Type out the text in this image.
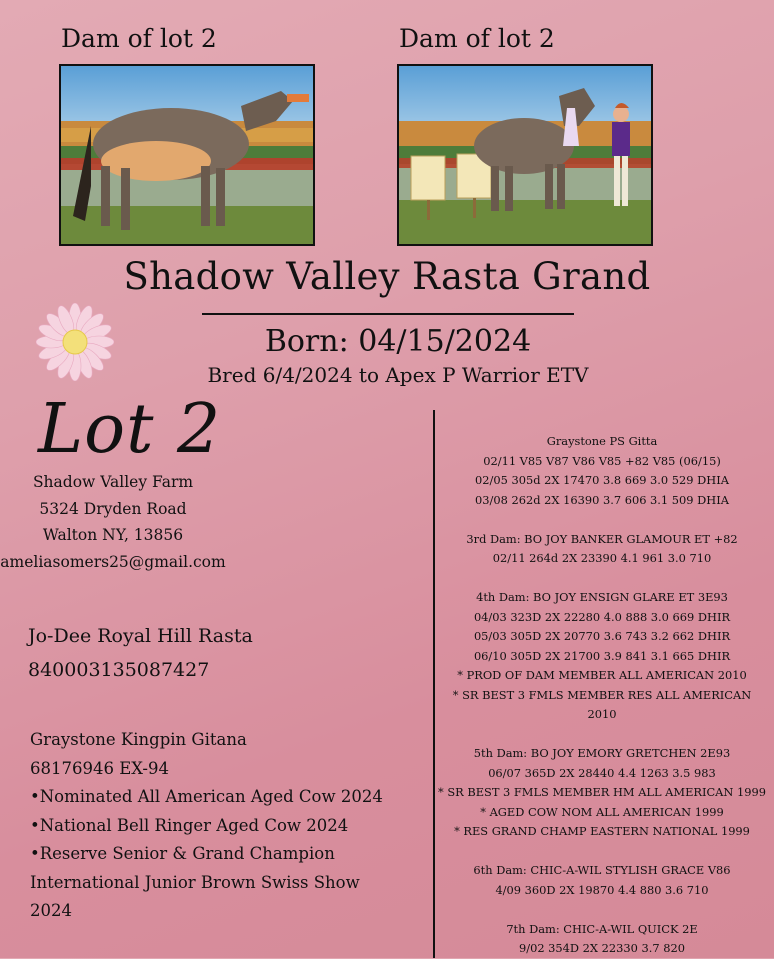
Dam of lot 2	Dam of lot 2
Shadow Valley Rasta Grand
Born: 04/15/2024
Bred 6/4/2024 to Apex P Warrior ETV
Lot 2
Shadow Valley Farm
5324 Dryden Road
Walton NY, 13856
ameliasomers25@gmail.com
Jo-Dee Royal Hill Rasta
840003135087427
Graystone Kingpin Gitana
68176946 EX-94
•Nominated All American Aged Cow 2024
•National Bell Ringer Aged Cow 2024
•Reserve Senior & Grand Champion
International Junior Brown Swiss Show
2024
Graystone PS Gitta
02/11 V85 V87 V86 V85 +82 V85 (06/15)
02/05 305d 2X 17470 3.8 669 3.0 529 DHIA
03/08 262d 2X 16390 3.7 606 3.1 509 DHIA
3rd Dam: BO JOY BANKER GLAMOUR ET +82
02/11 264d 2X 23390 4.1 961 3.0 710
4th Dam: BO JOY ENSIGN GLARE ET 3E93
04/03 323D 2X 22280 4.0 888 3.0 669 DHIR
05/03 305D 2X 20770 3.6 743 3.2 662 DHIR
06/10 305D 2X 21700 3.9 841 3.1 665 DHIR
* PROD OF DAM MEMBER ALL AMERICAN 2010
* SR BEST 3 FMLS MEMBER RES ALL AMERICAN 2010
5th Dam: BO JOY EMORY GRETCHEN 2E93
06/07 365D 2X 28440 4.4 1263 3.5 983
* SR BEST 3 FMLS MEMBER HM ALL AMERICAN 1999
* AGED COW NOM ALL AMERICAN 1999
* RES GRAND CHAMP EASTERN NATIONAL 1999
6th Dam: CHIC-A-WIL STYLISH GRACE V86
4/09 360D 2X 19870 4.4 880 3.6 710
7th Dam: CHIC-A-WIL QUICK 2E
9/02 354D 2X 22330 3.7 820
